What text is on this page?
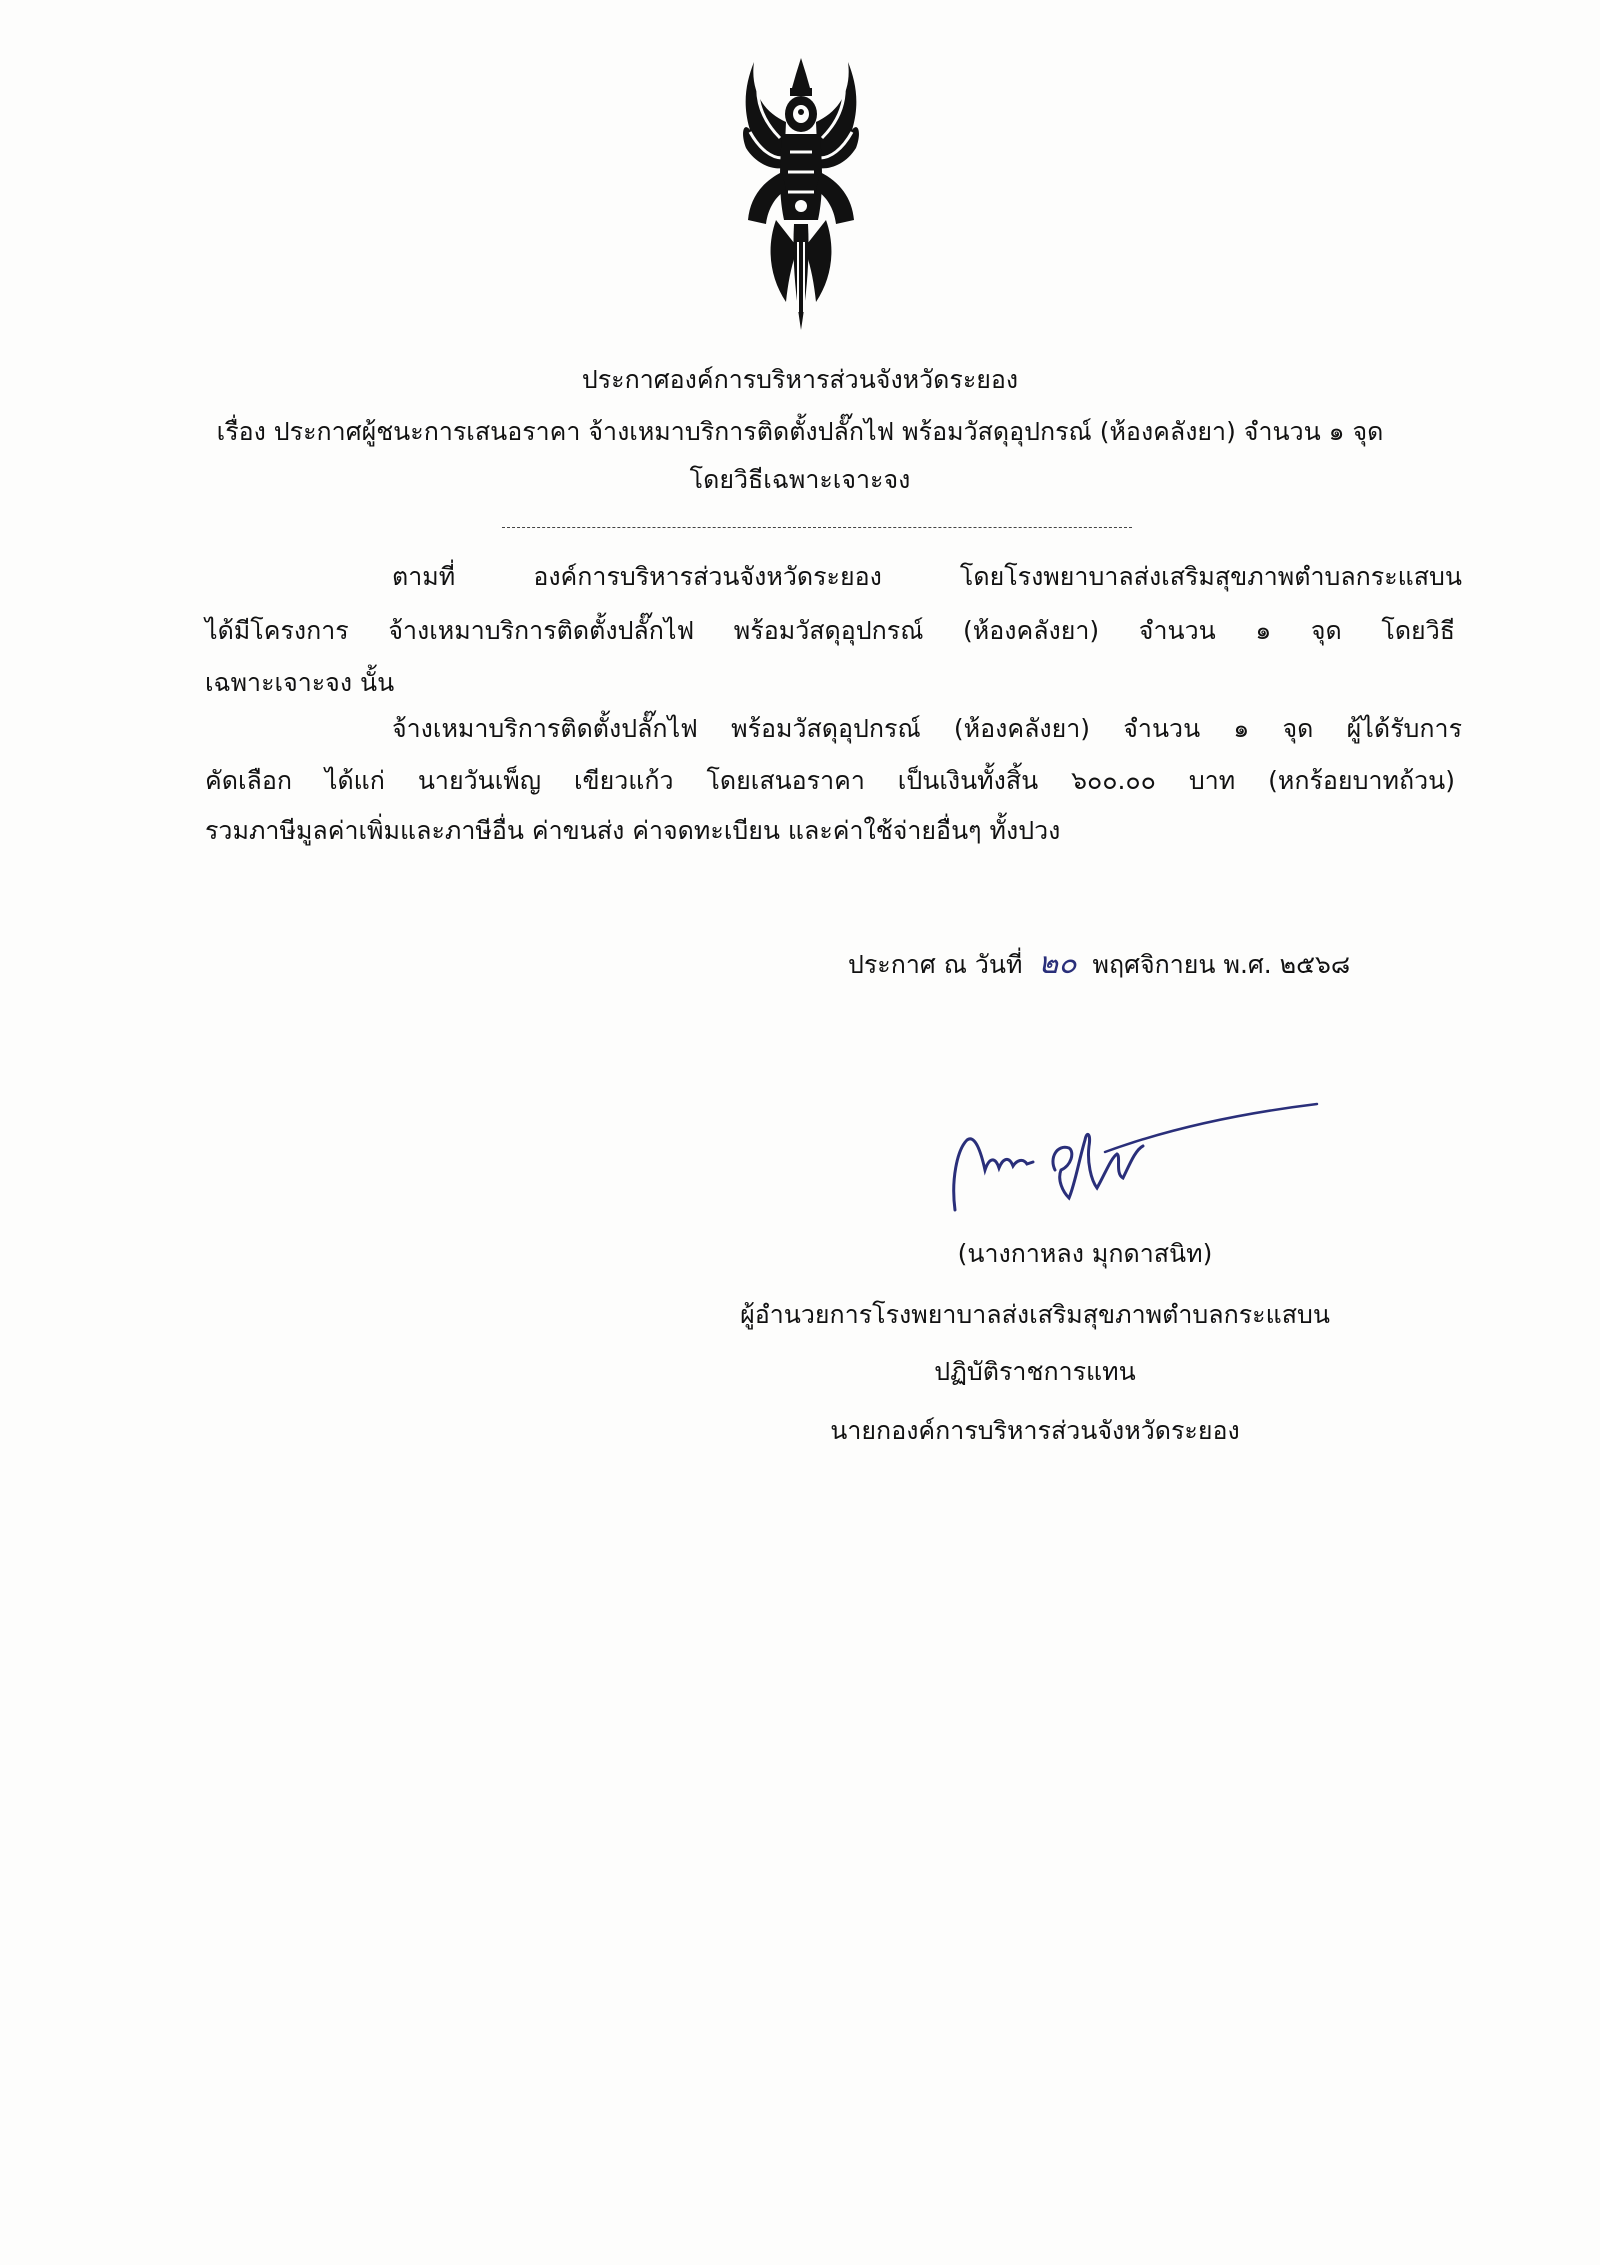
ประกาศองค์การบริหารส่วนจังหวัดระยอง
เรื่อง ประกาศผู้ชนะการเสนอราคา จ้างเหมาบริการติดตั้งปลั๊กไฟ พร้อมวัสดุอุปกรณ์ (ห้องคลังยา) จำนวน ๑ จุด
โดยวิธีเฉพาะเจาะจง
ตามที่ องค์การบริหารส่วนจังหวัดระยอง โดยโรงพยาบาลส่งเสริมสุขภาพตำบลกระแสบน
ได้มีโครงการ จ้างเหมาบริการติดตั้งปลั๊กไฟ พร้อมวัสดุอุปกรณ์ (ห้องคลังยา) จำนวน ๑ จุด โดยวิธี
เฉพาะเจาะจง นั้น
จ้างเหมาบริการติดตั้งปลั๊กไฟ พร้อมวัสดุอุปกรณ์ (ห้องคลังยา) จำนวน ๑ จุด ผู้ได้รับการ
คัดเลือก ได้แก่ นายวันเพ็ญ เขียวแก้ว โดยเสนอราคา เป็นเงินทั้งสิ้น ๖๐๐.๐๐ บาท (หกร้อยบาทถ้วน)
รวมภาษีมูลค่าเพิ่มและภาษีอื่น ค่าขนส่ง ค่าจดทะเบียน และค่าใช้จ่ายอื่นๆ ทั้งปวง
ประกาศ ณ วันที่ ๒๐ พฤศจิกายน พ.ศ. ๒๕๖๘
(นางกาหลง มุกดาสนิท)
ผู้อำนวยการโรงพยาบาลส่งเสริมสุขภาพตำบลกระแสบน
ปฏิบัติราชการแทน
นายกองค์การบริหารส่วนจังหวัดระยอง
